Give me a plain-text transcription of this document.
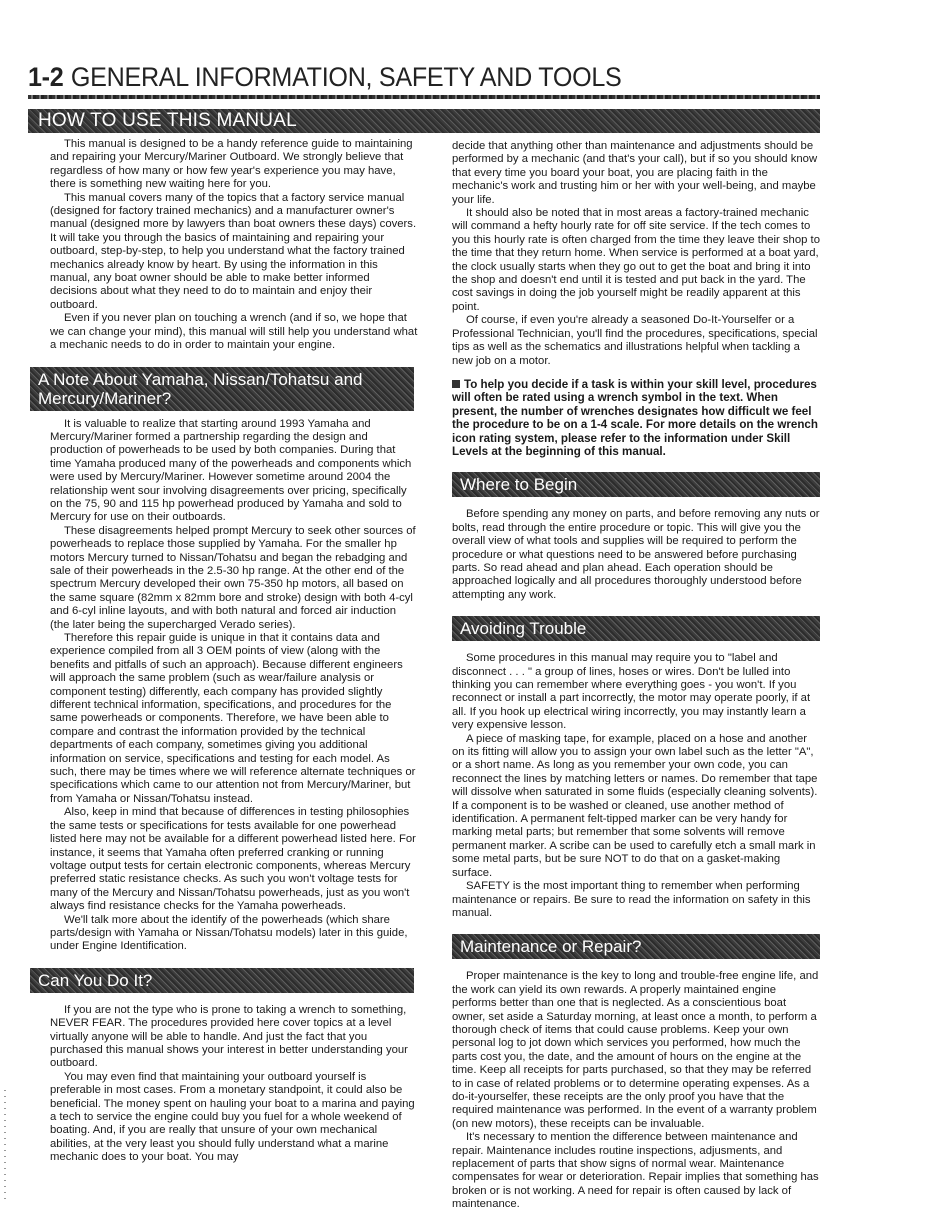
1-2 GENERAL INFORMATION, SAFETY AND TOOLS
HOW TO USE THIS MANUAL

This manual is designed to be a handy reference guide to maintaining and repairing your Mercury/Mariner Outboard. We strongly believe that regardless of how many or how few year's experience you may have, there is something new waiting here for you.

This manual covers many of the topics that a factory service manual (designed for factory trained mechanics) and a manufacturer owner's manual (designed more by lawyers than boat owners these days) covers. It will take you through the basics of maintaining and repairing your outboard, step-by-step, to help you understand what the factory trained mechanics already know by heart. By using the information in this manual, any boat owner should be able to make better informed decisions about what they need to do to maintain and enjoy their outboard.

Even if you never plan on touching a wrench (and if so, we hope that we can change your mind), this manual will still help you understand what a mechanic needs to do in order to maintain your engine.

A Note About Yamaha, Nissan/Tohatsu and Mercury/Mariner?

It is valuable to realize that starting around 1993 Yamaha and Mercury/Mariner formed a partnership regarding the design and production of powerheads to be used by both companies. During that time Yamaha produced many of the powerheads and components which were used by Mercury/Mariner. However sometime around 2004 the relationship went sour involving disagreements over pricing, specifically on the 75, 90 and 115 hp powerhead produced by Yamaha and sold to Mercury for use on their outboards.

These disagreements helped prompt Mercury to seek other sources of powerheads to replace those supplied by Yamaha. For the smaller hp motors Mercury turned to Nissan/Tohatsu and began the rebadging and sale of their powerheads in the 2.5-30 hp range. At the other end of the spectrum Mercury developed their own 75-350 hp motors, all based on the same square (82mm x 82mm bore and stroke) design with both 4-cyl and 6-cyl inline layouts, and with both natural and forced air induction (the later being the supercharged Verado series).

Therefore this repair guide is unique in that it contains data and experience compiled from all 3 OEM points of view (along with the benefits and pitfalls of such an approach). Because different engineers will approach the same problem (such as wear/failure analysis or component testing) differently, each company has provided slightly different technical information, specifications, and procedures for the same powerheads or components. Therefore, we have been able to compare and contrast the information provided by the technical departments of each company, sometimes giving you additional information on service, specifications and testing for each model. As such, there may be times where we will reference alternate techniques or specifications which came to our attention not from Mercury/Mariner, but from Yamaha or Nissan/Tohatsu instead.

Also, keep in mind that because of differences in testing philosophies the same tests or specifications for tests available for one powerhead listed here may not be available for a different powerhead listed here. For instance, it seems that Yamaha often preferred cranking or running voltage output tests for certain electronic components, whereas Mercury preferred static resistance checks. As such you won't voltage tests for many of the Mercury and Nissan/Tohatsu powerheads, just as you won't always find resistance checks for the Yamaha powerheads.

We'll talk more about the identify of the powerheads (which share parts/design with Yamaha or Nissan/Tohatsu models) later in this guide, under Engine Identification.

Can You Do It?

If you are not the type who is prone to taking a wrench to something, NEVER FEAR. The procedures provided here cover topics at a level virtually anyone will be able to handle. And just the fact that you purchased this manual shows your interest in better understanding your outboard.

You may even find that maintaining your outboard yourself is preferable in most cases. From a monetary standpoint, it could also be beneficial. The money spent on hauling your boat to a marina and paying a tech to service the engine could buy you fuel for a whole weekend of boating. And, if you are really that unsure of your own mechanical abilities, at the very least you should fully understand what a marine mechanic does to your boat. You may

decide that anything other than maintenance and adjustments should be performed by a mechanic (and that's your call), but if so you should know that every time you board your boat, you are placing faith in the mechanic's work and trusting him or her with your well-being, and maybe your life.

It should also be noted that in most areas a factory-trained mechanic will command a hefty hourly rate for off site service. If the tech comes to you this hourly rate is often charged from the time they leave their shop to the time that they return home. When service is performed at a boat yard, the clock usually starts when they go out to get the boat and bring it into the shop and doesn't end until it is tested and put back in the yard. The cost savings in doing the job yourself might be readily apparent at this point.

Of course, if even you're already a seasoned Do-It-Yourselfer or a Professional Technician, you'll find the procedures, specifications, special tips as well as the schematics and illustrations helpful when tackling a new job on a motor.

To help you decide if a task is within your skill level, procedures will often be rated using a wrench symbol in the text. When present, the number of wrenches designates how difficult we feel the procedure to be on a 1-4 scale. For more details on the wrench icon rating system, please refer to the information under Skill Levels at the beginning of this manual.

Where to Begin

Before spending any money on parts, and before removing any nuts or bolts, read through the entire procedure or topic. This will give you the overall view of what tools and supplies will be required to perform the procedure or what questions need to be answered before purchasing parts. So read ahead and plan ahead. Each operation should be approached logically and all procedures thoroughly understood before attempting any work.

Avoiding Trouble

Some procedures in this manual may require you to "label and disconnect . . . " a group of lines, hoses or wires. Don't be lulled into thinking you can remember where everything goes - you won't. If you reconnect or install a part incorrectly, the motor may operate poorly, if at all. If you hook up electrical wiring incorrectly, you may instantly learn a very expensive lesson.

A piece of masking tape, for example, placed on a hose and another on its fitting will allow you to assign your own label such as the letter "A", or a short name. As long as you remember your own code, you can reconnect the lines by matching letters or names. Do remember that tape will dissolve when saturated in some fluids (especially cleaning solvents). If a component is to be washed or cleaned, use another method of identification. A permanent felt-tipped marker can be very handy for marking metal parts; but remember that some solvents will remove permanent marker. A scribe can be used to carefully etch a small mark in some metal parts, but be sure NOT to do that on a gasket-making surface.

SAFETY is the most important thing to remember when performing maintenance or repairs. Be sure to read the information on safety in this manual.

Maintenance or Repair?

Proper maintenance is the key to long and trouble-free engine life, and the work can yield its own rewards. A properly maintained engine performs better than one that is neglected. As a conscientious boat owner, set aside a Saturday morning, at least once a month, to perform a thorough check of items that could cause problems. Keep your own personal log to jot down which services you performed, how much the parts cost you, the date, and the amount of hours on the engine at the time. Keep all receipts for parts purchased, so that they may be referred to in case of related problems or to determine operating expenses. As a do-it-yourselfer, these receipts are the only proof you have that the required maintenance was performed. In the event of a warranty problem (on new motors), these receipts can be invaluable.

It's necessary to mention the difference between maintenance and repair. Maintenance includes routine inspections, adjusments, and replacement of parts that show signs of normal wear. Maintenance compensates for wear or deterioration. Repair implies that something has broken or is not working. A need for repair is often caused by lack of maintenance.
